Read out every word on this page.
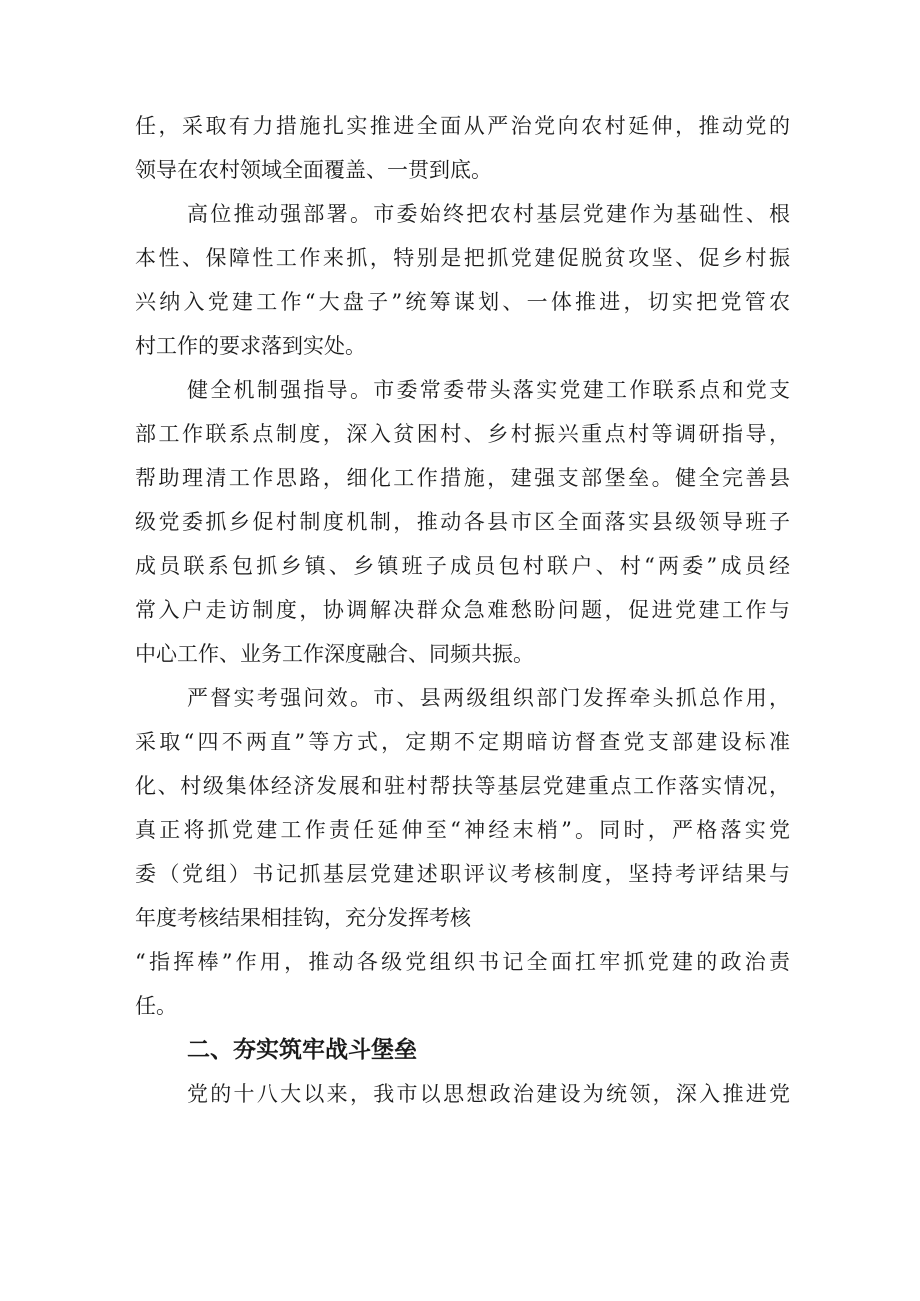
任，采取有力措施扎实推进全面从严治党向农村延伸，推动党的
领导在农村领域全面覆盖、一贯到底。
高位推动强部署。市委始终把农村基层党建作为基础性、根
本性、保障性工作来抓，特别是把抓党建促脱贫攻坚、促乡村振
兴纳入党建工作“大盘子”统筹谋划、一体推进，切实把党管农
村工作的要求落到实处。
健全机制强指导。市委常委带头落实党建工作联系点和党支
部工作联系点制度，深入贫困村、乡村振兴重点村等调研指导，
帮助理清工作思路，细化工作措施，建强支部堡垒。健全完善县
级党委抓乡促村制度机制，推动各县市区全面落实县级领导班子
成员联系包抓乡镇、乡镇班子成员包村联户、村“两委”成员经
常入户走访制度，协调解决群众急难愁盼问题，促进党建工作与
中心工作、业务工作深度融合、同频共振。
严督实考强问效。市、县两级组织部门发挥牵头抓总作用，
采取“四不两直”等方式，定期不定期暗访督查党支部建设标准
化、村级集体经济发展和驻村帮扶等基层党建重点工作落实情况，
真正将抓党建工作责任延伸至“神经末梢”。同时，严格落实党
委（党组）书记抓基层党建述职评议考核制度，坚持考评结果与
年度考核结果相挂钩，充分发挥考核
“指挥棒”作用，推动各级党组织书记全面扛牢抓党建的政治责
任。
二、夯实筑牢战斗堡垒
党的十八大以来，我市以思想政治建设为统领，深入推进党
